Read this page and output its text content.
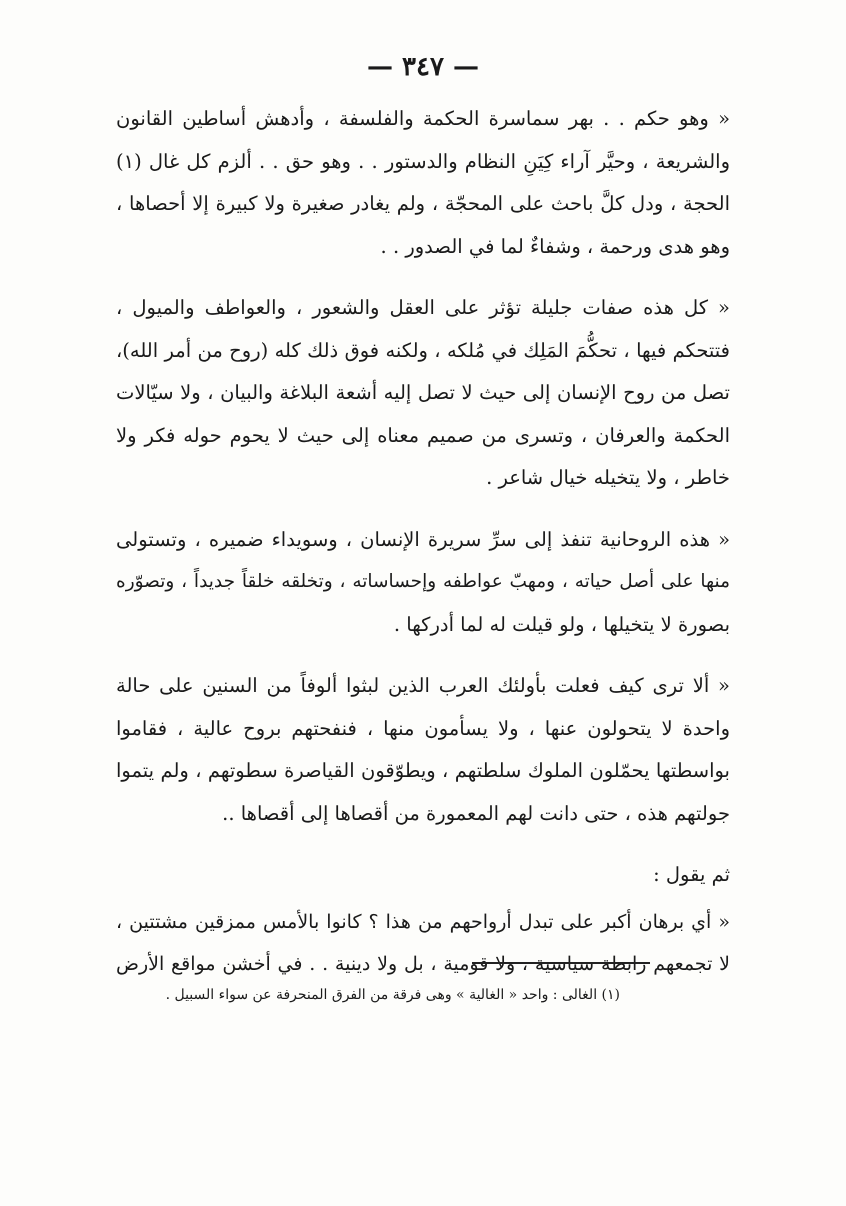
— ٣٤٧ —

« وهو حكم . . بهر سماسرة الحكمة والفلسفة ، وأدهش أساطين القانون
والشريعة ، وحيَّر آراء كِيَنِ النظام والدستور . . وهو حق . . ألزم كل غال (١)
الحجة ، ودل كلَّ باحث على المحجّة ، ولم يغادر صغيرة ولا كبيرة إلا أحصاها ،
وهو هدى ورحمة ، وشفاءٌ لما في الصدور . .

« كل هذه صفات جليلة تؤثر على العقل والشعور ، والعواطف والميول ،
فتتحكم فيها ، تحكُّمَ المَلِك في مُلكه ، ولكنه فوق ذلك كله (روح من أمر الله)،
تصل من روح الإنسان إلى حيث لا تصل إليه أشعة البلاغة والبيان ، ولا سيّالات
الحكمة والعرفان ، وتسرى من صميم معناه إلى حيث لا يحوم حوله فكر ولا
خاطر ، ولا يتخيله خيال شاعر .

« هذه الروحانية تنفذ إلى سرِّ سريرة الإنسان ، وسويداء ضميره ، وتستولى
منها على أصل حياته ، ومهبّ عواطفه وإحساساته ، وتخلقه خلقاً جديداً ، وتصوّره
بصورة لا يتخيلها ، ولو قيلت له لما أدركها .

« ألا ترى كيف فعلت بأولئك العرب الذين لبثوا ألوفاً من السنين على حالة
واحدة لا يتحولون عنها ، ولا يسأمون منها ، فنفحتهم بروح عالية ، فقاموا
بواسطتها يحمّلون الملوك سلطتهم ، ويطوّقون القياصرة سطوتهم ، ولم يتموا
جولتهم هذه ، حتى دانت لهم المعمورة من أقصاها إلى أقصاها ..

ثم يقول :

« أي برهان أكبر على تبدل أرواحهم من هذا ؟ كانوا بالأمس ممزقين مشتتين ،
لا تجمعهم رابطة سياسية ، ولا قومية ، بل ولا دينية . . في أخشن مواقع الأرض

(١) الغالى : واحد « الغالية » وهى فرقة من الفرق المنحرفة عن سواء السبيل .
